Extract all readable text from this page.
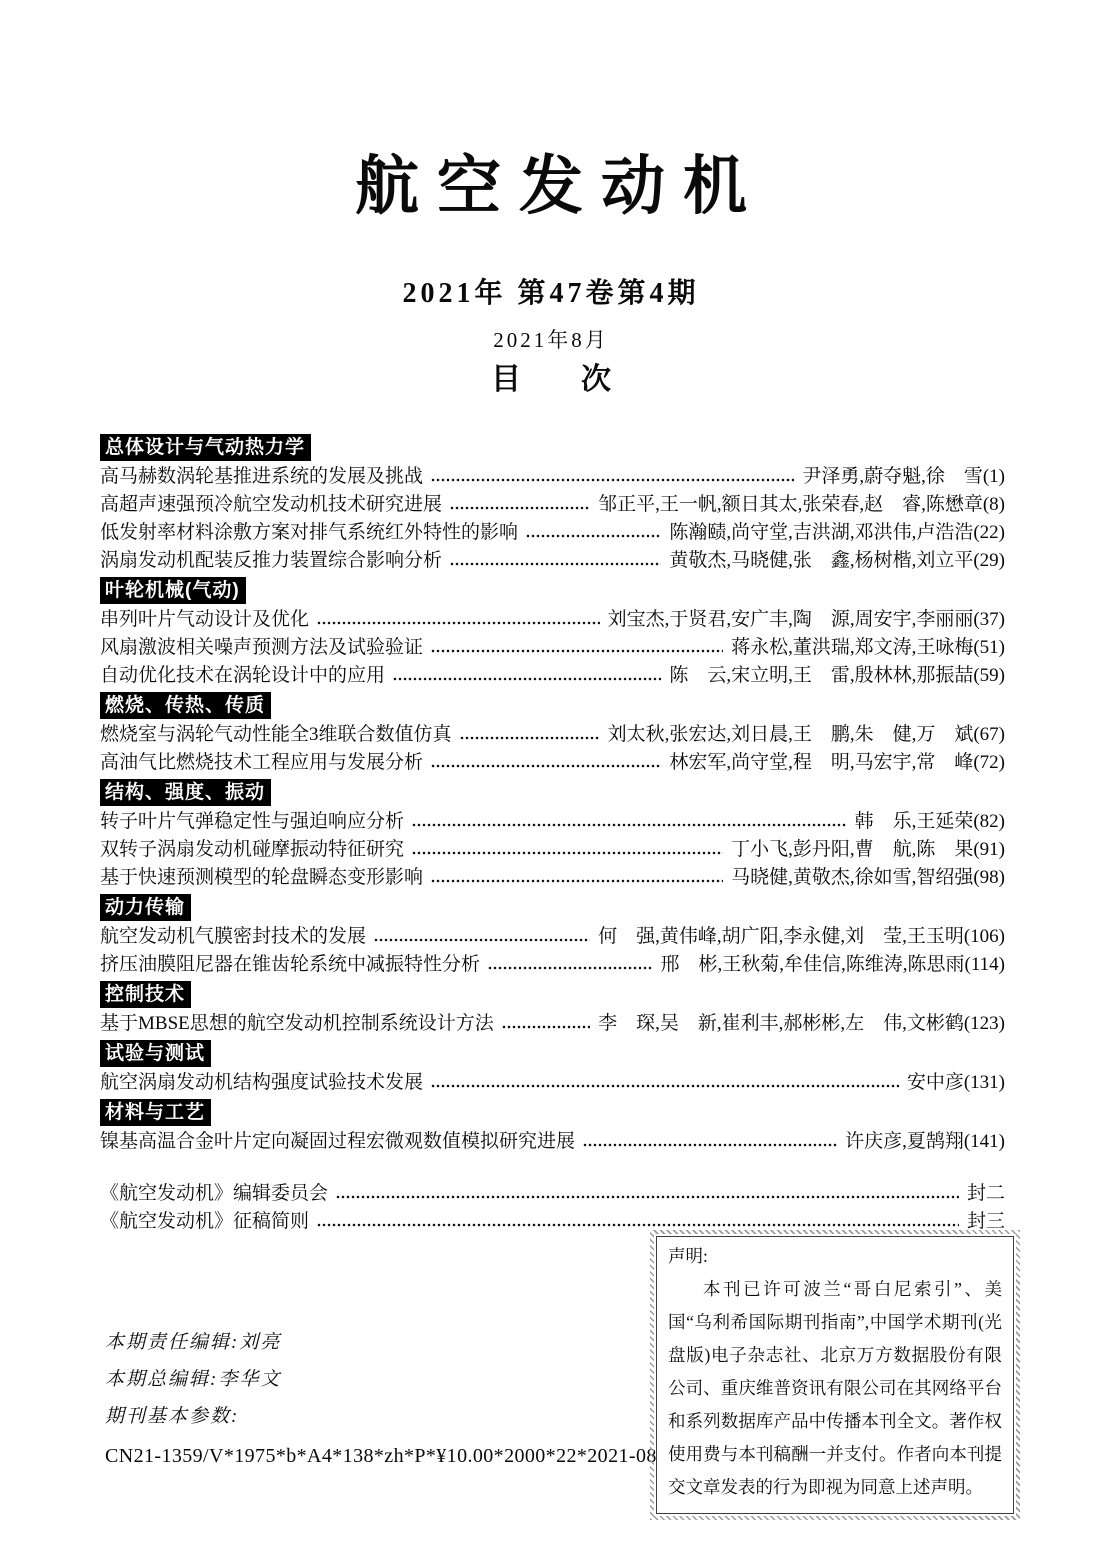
航空发动机
2021年 第47卷第4期
2021年8月
目　　次
总体设计与气动热力学
高马赫数涡轮基推进系统的发展及挑战	尹泽勇,蔚夺魁,徐　雪(1)
高超声速强预冷航空发动机技术研究进展	邹正平,王一帆,额日其太,张荣春,赵　睿,陈懋章(8)
低发射率材料涂敷方案对排气系统红外特性的影响	陈瀚赜,尚守堂,吉洪湖,邓洪伟,卢浩浩(22)
涡扇发动机配装反推力装置综合影响分析	黄敬杰,马晓健,张　鑫,杨树楷,刘立平(29)
叶轮机械(气动)
串列叶片气动设计及优化	刘宝杰,于贤君,安广丰,陶　源,周安宇,李丽丽(37)
风扇激波相关噪声预测方法及试验验证	蒋永松,董洪瑞,郑文涛,王咏梅(51)
自动优化技术在涡轮设计中的应用	陈　云,宋立明,王　雷,殷林林,那振喆(59)
燃烧、传热、传质
燃烧室与涡轮气动性能全3维联合数值仿真	刘太秋,张宏达,刘日晨,王　鹏,朱　健,万　斌(67)
高油气比燃烧技术工程应用与发展分析	林宏军,尚守堂,程　明,马宏宇,常　峰(72)
结构、强度、振动
转子叶片气弹稳定性与强迫响应分析	韩　乐,王延荣(82)
双转子涡扇发动机碰摩振动特征研究	丁小飞,彭丹阳,曹　航,陈　果(91)
基于快速预测模型的轮盘瞬态变形影响	马晓健,黄敬杰,徐如雪,智绍强(98)
动力传输
航空发动机气膜密封技术的发展	何　强,黄伟峰,胡广阳,李永健,刘　莹,王玉明(106)
挤压油膜阻尼器在锥齿轮系统中减振特性分析	邢　彬,王秋菊,牟佳信,陈维涛,陈思雨(114)
控制技术
基于MBSE思想的航空发动机控制系统设计方法	李　琛,吴　新,崔利丰,郝彬彬,左　伟,文彬鹤(123)
试验与测试
航空涡扇发动机结构强度试验技术发展	安中彦(131)
材料与工艺
镍基高温合金叶片定向凝固过程宏微观数值模拟研究进展	许庆彦,夏鹄翔(141)
《航空发动机》编辑委员会	封二
《航空发动机》征稿简则	封三
本期责任编辑:刘亮
本期总编辑:李华文
期刊基本参数:
CN21-1359/V*1975*b*A4*138*zh*P*¥10.00*2000*22*2021-08
声明:

本刊已许可波兰“哥白尼索引”、美国“乌利希国际期刊指南”,中国学术期刊(光盘版)电子杂志社、北京万方数据股份有限公司、重庆维普资讯有限公司在其网络平台和系列数据库产品中传播本刊全文。著作权使用费与本刊稿酬一并支付。作者向本刊提交文章发表的行为即视为同意上述声明。
